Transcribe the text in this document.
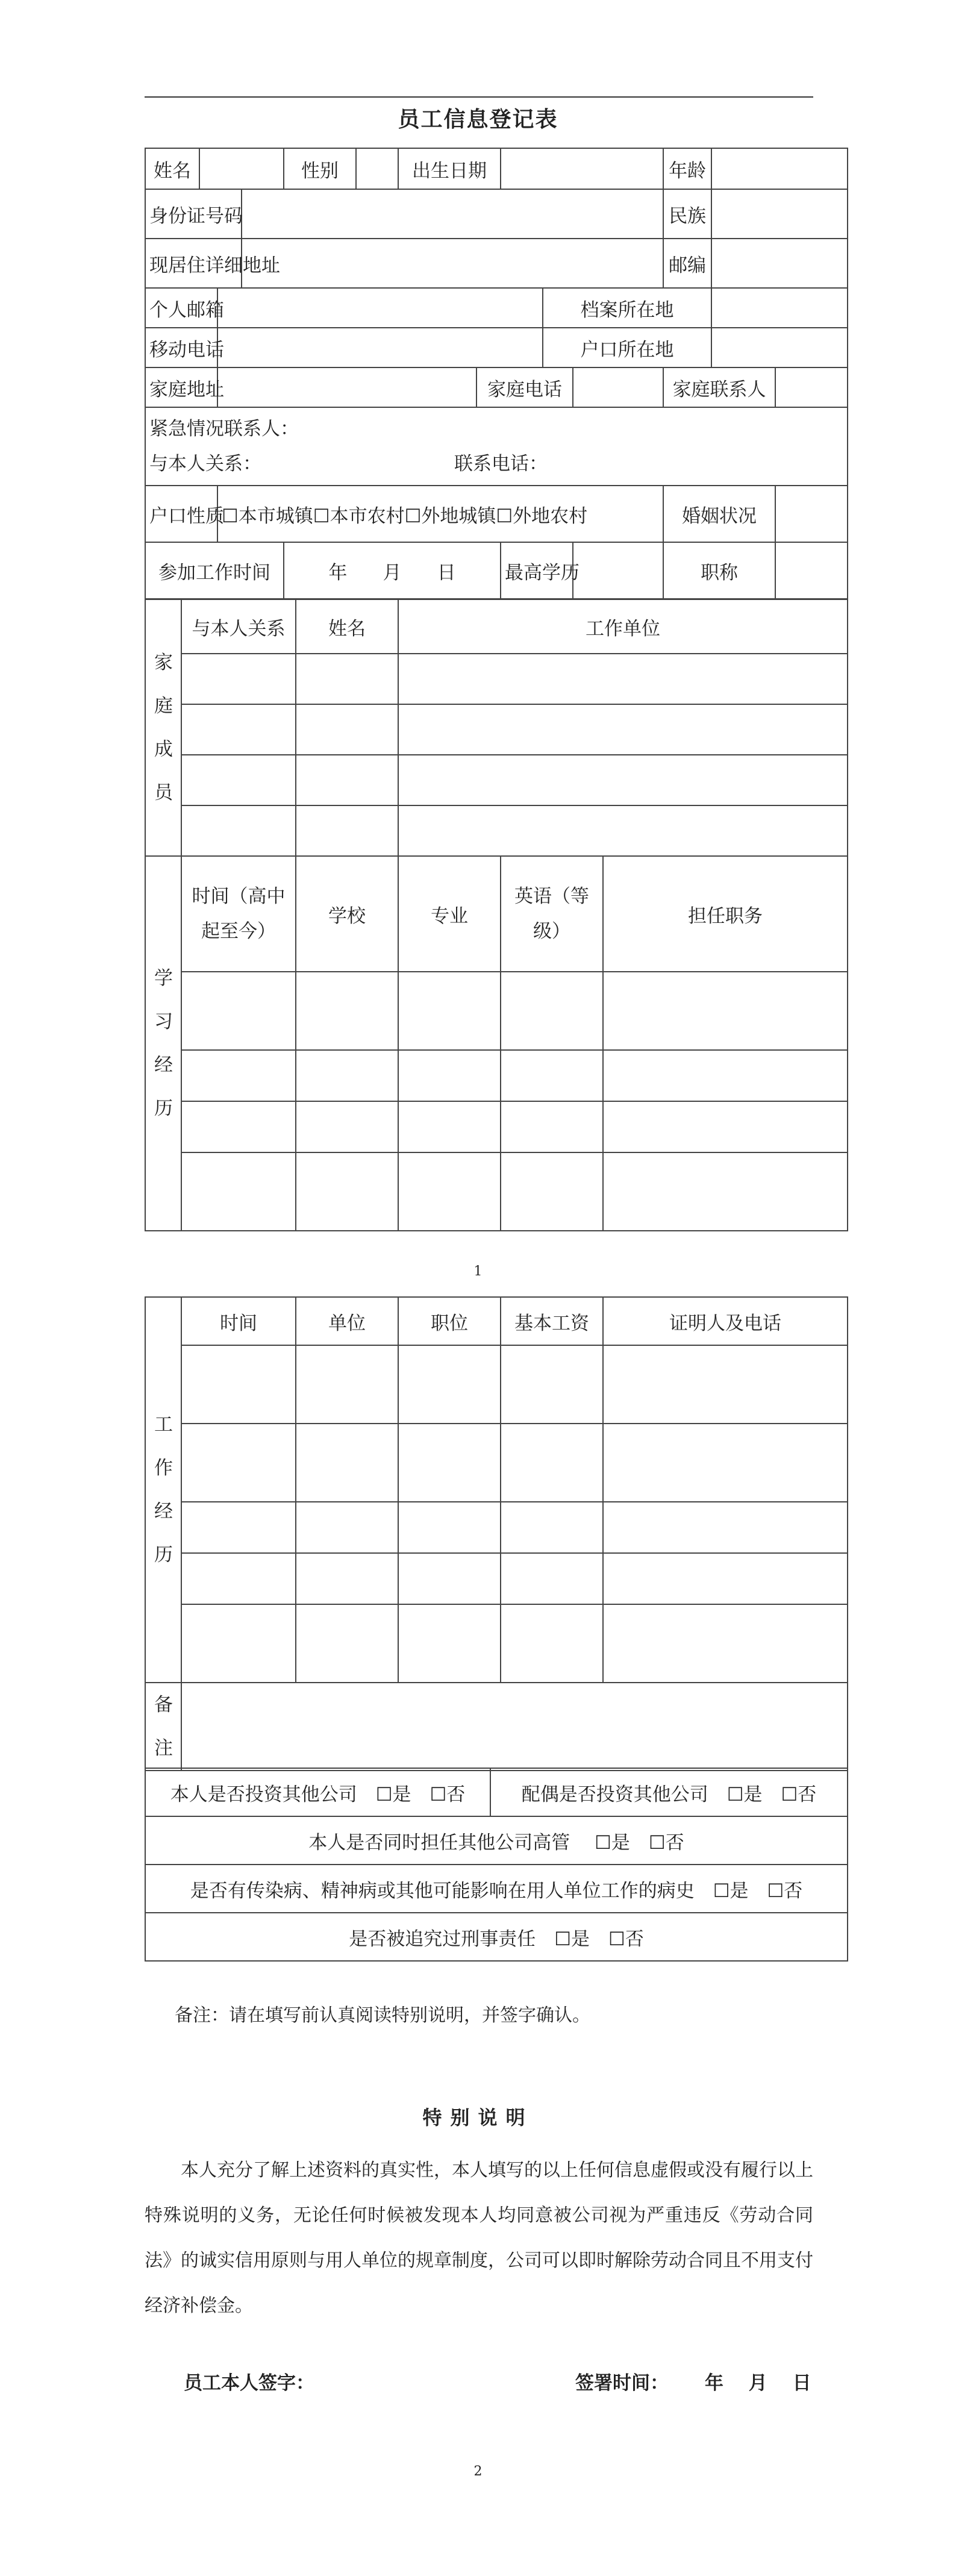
员工信息登记表
姓名				性别		出生日期					年龄		
身份证号码											民族		
现居住详细地址											邮编		
个人邮箱									档案所在地				
移动电话									户口所在地				
家庭地址							家庭电话				家庭联系人		

紧急情况联系人：
与本人关系： 联系电话：													

户口性质		☐本市城镇☐本市农村☐外地城镇☐外地农村									婚姻状况		
参加工作时间				年 月 日				最高学历			职称		
家庭成员	与本人关系	姓名	工作单位	

学习经历	时间（高中起至今）	学校	专业	英语（等级）	担任职务	

1
工作经历	时间	单位	职位	基本工资	证明人及电话

备注					

本人是否投资其他公司　☐是　☐否	配偶是否投资其他公司　☐是　☐否
本人是否同时担任其他公司高管　 ☐是　☐否
是否有传染病、精神病或其他可能影响在用人单位工作的病史　☐是　☐否
是否被追究过刑事责任　☐是　☐否
备注：请在填写前认真阅读特别说明，并签字确认。
特别说明
本人充分了解上述资料的真实性，本人填写的以上任何信息虚假或没有履行以上特殊说明的义务，无论任何时候被发现本人均同意被公司视为严重违反《劳动合同法》的诚实信用原则与用人单位的规章制度，公司可以即时解除劳动合同且不用支付经济补偿金。
员工本人签字：	签署时间： 年　 月　 日
2
